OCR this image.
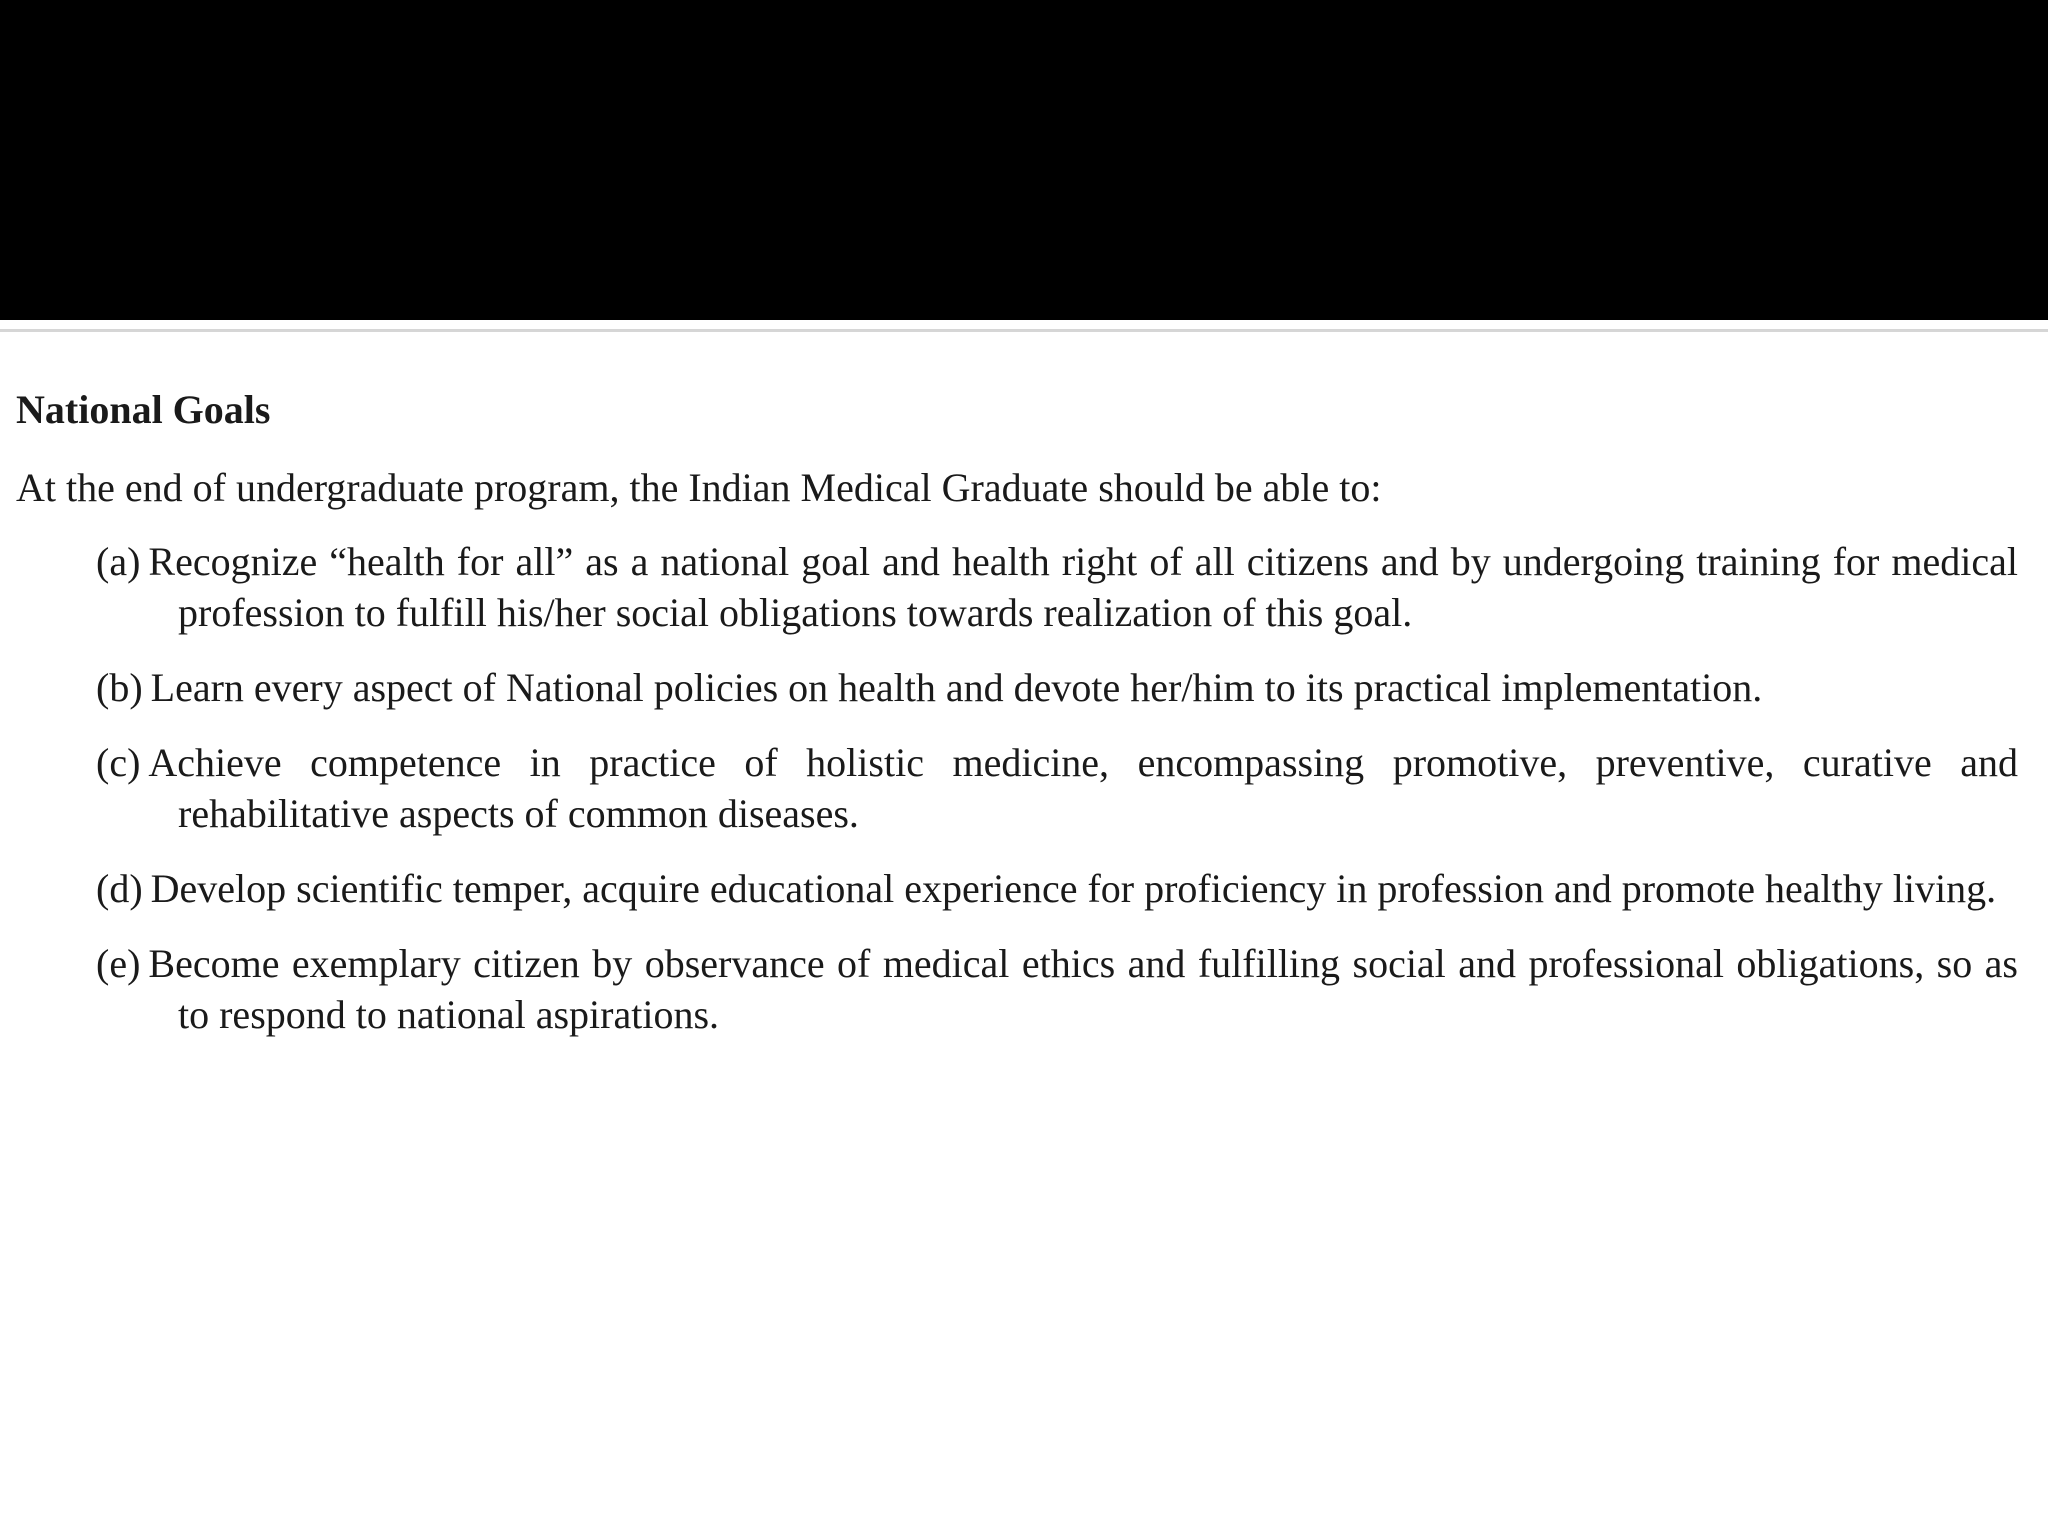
National Goals
At the end of undergraduate program, the Indian Medical Graduate should be able to:
(a) Recognize “health for all” as a national goal and health right of all citizens and by undergoing training for medical profession to fulfill his/her social obligations towards realization of this goal.
(b) Learn every aspect of National policies on health and devote her/him to its practical implementation.
(c) Achieve competence in practice of holistic medicine, encompassing promotive, preventive, curative and rehabilitative aspects of common diseases.
(d) Develop scientific temper, acquire educational experience for proficiency in profession and promote healthy living.
(e) Become exemplary citizen by observance of medical ethics and fulfilling social and professional obligations, so as to respond to national aspirations.
